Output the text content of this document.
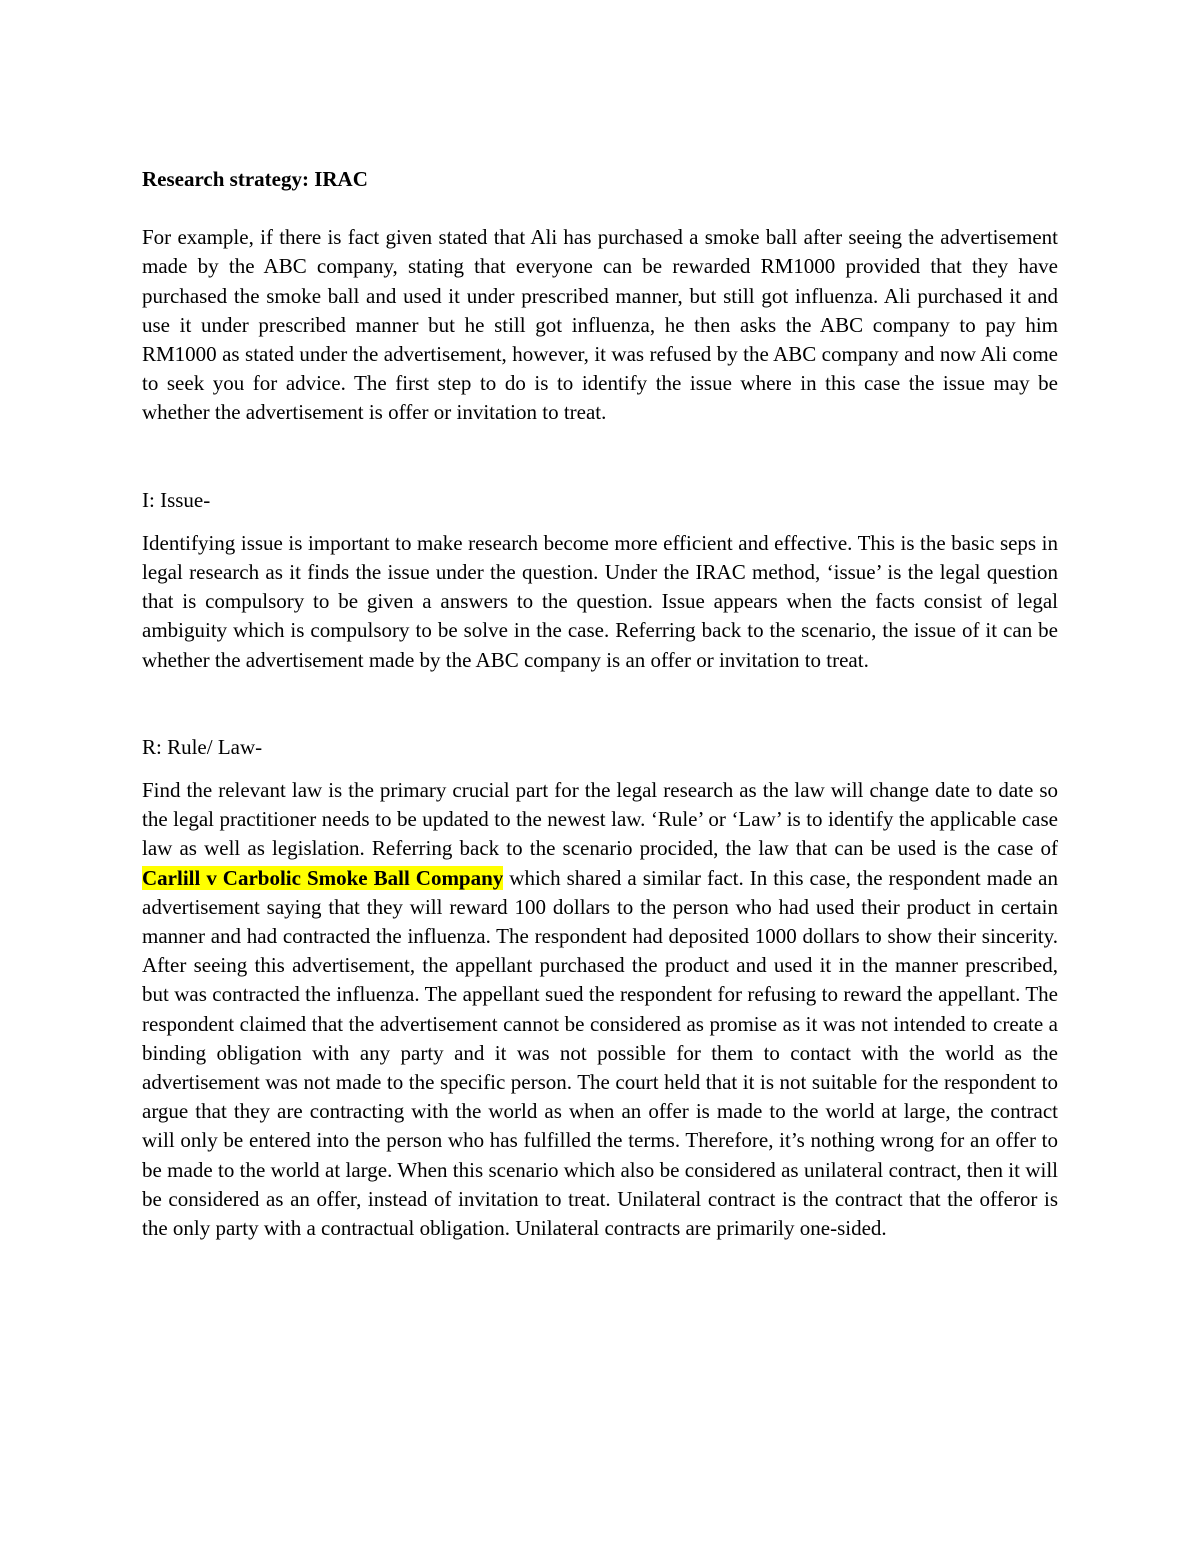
Research strategy: IRAC

For example, if there is fact given stated that Ali has purchased a smoke ball after seeing the advertisement made by the ABC company, stating that everyone can be rewarded RM1000 provided that they have purchased the smoke ball and used it under prescribed manner, but still got influenza. Ali purchased it and use it under prescribed manner but he still got influenza, he then asks the ABC company to pay him RM1000 as stated under the advertisement, however, it was refused by the ABC company and now Ali come to seek you for advice. The first step to do is to identify the issue where in this case the issue may be whether the advertisement is offer or invitation to treat.

I: Issue-

Identifying issue is important to make research become more efficient and effective. This is the basic seps in legal research as it finds the issue under the question. Under the IRAC method, ‘issue’ is the legal question that is compulsory to be given a answers to the question. Issue appears when the facts consist of legal ambiguity which is compulsory to be solve in the case. Referring back to the scenario, the issue of it can be whether the advertisement made by the ABC company is an offer or invitation to treat.

R: Rule/ Law-

Find the relevant law is the primary crucial part for the legal research as the law will change date to date so the legal practitioner needs to be updated to the newest law. ‘Rule’ or ‘Law’ is to identify the applicable case law as well as legislation. Referring back to the scenario procided, the law that can be used is the case of Carlill v Carbolic Smoke Ball Company which shared a similar fact. In this case, the respondent made an advertisement saying that they will reward 100 dollars to the person who had used their product in certain manner and had contracted the influenza. The respondent had deposited 1000 dollars to show their sincerity. After seeing this advertisement, the appellant purchased the product and used it in the manner prescribed, but was contracted the influenza. The appellant sued the respondent for refusing to reward the appellant. The respondent claimed that the advertisement cannot be considered as promise as it was not intended to create a binding obligation with any party and it was not possible for them to contact with the world as the advertisement was not made to the specific person. The court held that it is not suitable for the respondent to argue that they are contracting with the world as when an offer is made to the world at large, the contract will only be entered into the person who has fulfilled the terms. Therefore, it’s nothing wrong for an offer to be made to the world at large. When this scenario which also be considered as unilateral contract, then it will be considered as an offer, instead of invitation to treat. Unilateral contract is the contract that the offeror is the only party with a contractual obligation. Unilateral contracts are primarily one-sided.
